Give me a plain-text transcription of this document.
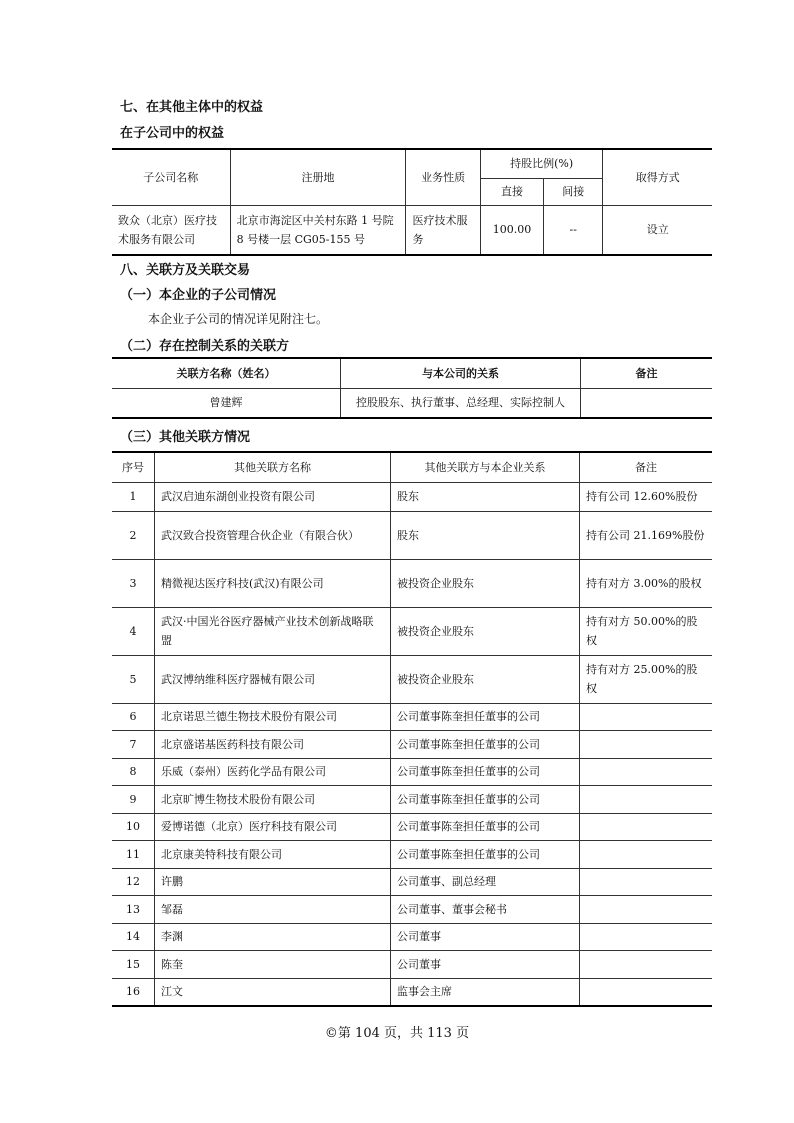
七、在其他主体中的权益
在子公司中的权益
子公司名称	注册地	业务性质	持股比例(%)		取得方式
			直接	间接	
致众（北京）医疗技术服务有限公司	北京市海淀区中关村东路 1 号院 8 号楼一层 CG05-155 号	医疗技术服务	100.00	--	设立
八、关联方及关联交易
（一）本企业的子公司情况
本企业子公司的情况详见附注七。
（二）存在控制关系的关联方
关联方名称（姓名）	与本公司的关系	备注
曾建辉	控股股东、执行董事、总经理、实际控制人	
（三）其他关联方情况
序号	其他关联方名称	其他关联方与本企业关系	备注
1	武汉启迪东湖创业投资有限公司	股东	持有公司 12.60%股份
2	武汉致合投资管理合伙企业（有限合伙）	股东	持有公司 21.169%股份
3	精微视达医疗科技(武汉)有限公司	被投资企业股东	持有对方 3.00%的股权
4	武汉·中国光谷医疗器械产业技术创新战略联盟	被投资企业股东	持有对方 50.00%的股权
5	武汉博纳维科医疗器械有限公司	被投资企业股东	持有对方 25.00%的股权
6	北京诺思兰德生物技术股份有限公司	公司董事陈奎担任董事的公司	
7	北京盛诺基医药科技有限公司	公司董事陈奎担任董事的公司	
8	乐威（泰州）医药化学品有限公司	公司董事陈奎担任董事的公司	
9	北京旷博生物技术股份有限公司	公司董事陈奎担任董事的公司	
10	爱博诺德（北京）医疗科技有限公司	公司董事陈奎担任董事的公司	
11	北京康美特科技有限公司	公司董事陈奎担任董事的公司	
12	许鹏	公司董事、副总经理	
13	邹磊	公司董事、董事会秘书	
14	李渊	公司董事	
15	陈奎	公司董事	
16	江文	监事会主席	
©第 104 页，共 113 页
